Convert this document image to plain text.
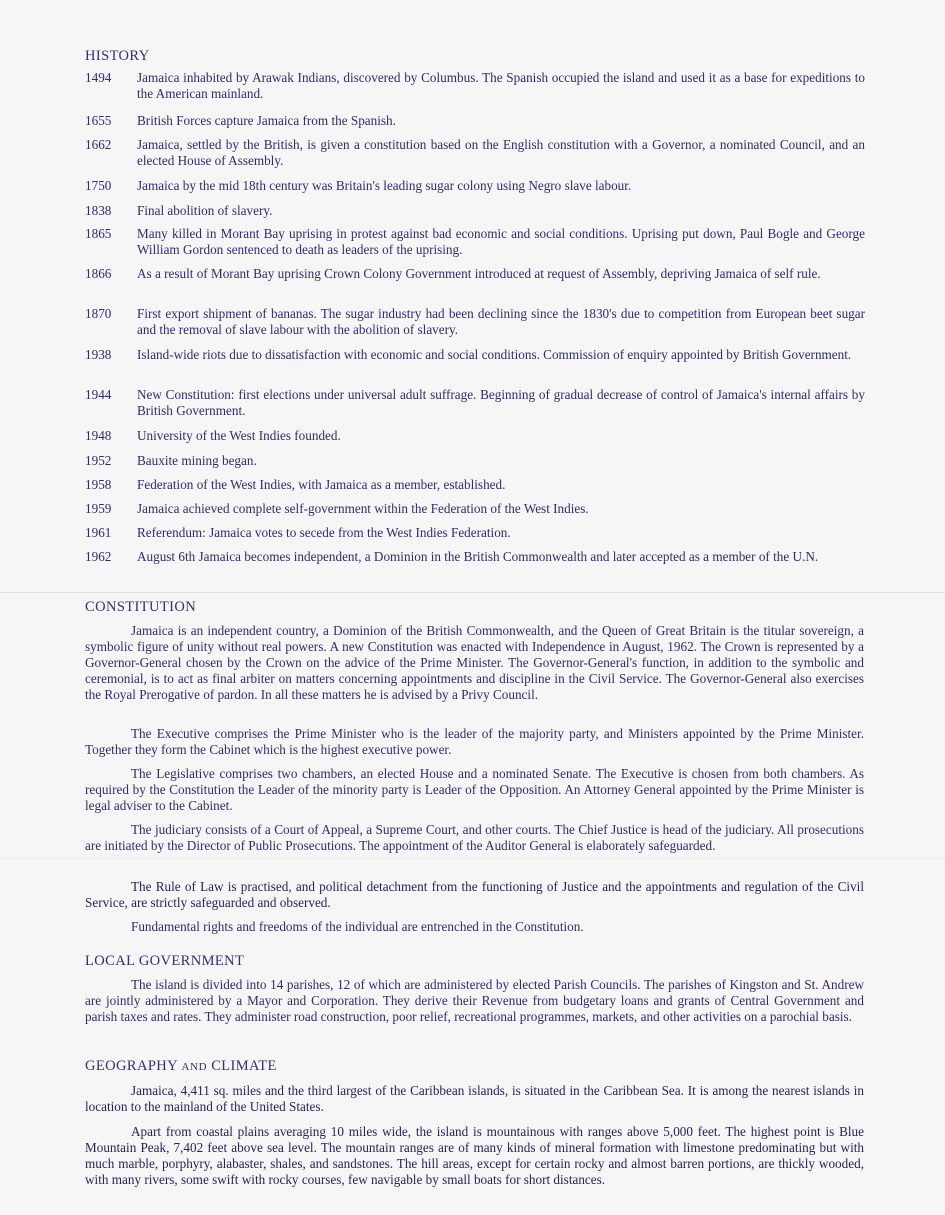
HISTORY
1494	Jamaica inhabited by Arawak Indians, discovered by Columbus. The Spanish occupied the island and used it as a base for expeditions to the American mainland.
1655	British Forces capture Jamaica from the Spanish.
1662	Jamaica, settled by the British, is given a constitution based on the English constitution with a Governor, a nominated Council, and an elected House of Assembly.
1750	Jamaica by the mid 18th century was Britain's leading sugar colony using Negro slave labour.
1838	Final abolition of slavery.
1865	Many killed in Morant Bay uprising in protest against bad economic and social conditions. Uprising put down, Paul Bogle and George William Gordon sentenced to death as leaders of the uprising.
1866	As a result of Morant Bay uprising Crown Colony Government introduced at request of Assembly, depriving Jamaica of self rule.
1870	First export shipment of bananas. The sugar industry had been declining since the 1830's due to competition from European beet sugar and the removal of slave labour with the abolition of slavery.
1938	Island-wide riots due to dissatisfaction with economic and social conditions. Commission of enquiry appointed by British Government.
1944	New Constitution: first elections under universal adult suffrage. Beginning of gradual decrease of control of Jamaica's internal affairs by British Government.
1948	University of the West Indies founded.
1952	Bauxite mining began.
1958	Federation of the West Indies, with Jamaica as a member, established.
1959	Jamaica achieved complete self-government within the Federation of the West Indies.
1961	Referendum: Jamaica votes to secede from the West Indies Federation.
1962	August 6th Jamaica becomes independent, a Dominion in the British Commonwealth and later accepted as a member of the U.N.
CONSTITUTION
Jamaica is an independent country, a Dominion of the British Commonwealth, and the Queen of Great Britain is the titular sovereign, a symbolic figure of unity without real powers. A new Constitution was enacted with Independence in August, 1962. The Crown is represented by a Governor-General chosen by the Crown on the advice of the Prime Minister. The Governor-General's function, in addition to the symbolic and ceremonial, is to act as final arbiter on matters concerning appointments and discipline in the Civil Service. The Governor-General also exercises the Royal Prerogative of pardon. In all these matters he is advised by a Privy Council.
The Executive comprises the Prime Minister who is the leader of the majority party, and Ministers appointed by the Prime Minister. Together they form the Cabinet which is the highest executive power.
The Legislative comprises two chambers, an elected House and a nominated Senate. The Executive is chosen from both chambers. As required by the Constitution the Leader of the minority party is Leader of the Opposition. An Attorney General appointed by the Prime Minister is legal adviser to the Cabinet.
The judiciary consists of a Court of Appeal, a Supreme Court, and other courts. The Chief Justice is head of the judiciary. All prosecutions are initiated by the Director of Public Prosecutions. The appointment of the Auditor General is elaborately safeguarded.
The Rule of Law is practised, and political detachment from the functioning of Justice and the appointments and regulation of the Civil Service, are strictly safeguarded and observed.
Fundamental rights and freedoms of the individual are entrenched in the Constitution.
LOCAL GOVERNMENT
The island is divided into 14 parishes, 12 of which are administered by elected Parish Councils. The parishes of Kingston and St. Andrew are jointly administered by a Mayor and Corporation. They derive their Revenue from budgetary loans and grants of Central Government and parish taxes and rates. They administer road construction, poor relief, recreational programmes, markets, and other activities on a parochial basis.
GEOGRAPHY AND CLIMATE
Jamaica, 4,411 sq. miles and the third largest of the Caribbean islands, is situated in the Caribbean Sea. It is among the nearest islands in location to the mainland of the United States.
Apart from coastal plains averaging 10 miles wide, the island is mountainous with ranges above 5,000 feet. The highest point is Blue Mountain Peak, 7,402 feet above sea level. The mountain ranges are of many kinds of mineral formation with limestone predominating but with much marble, porphyry, alabaster, shales, and sandstones. The hill areas, except for certain rocky and almost barren portions, are thickly wooded, with many rivers, some swift with rocky courses, few navigable by small boats for short distances.
